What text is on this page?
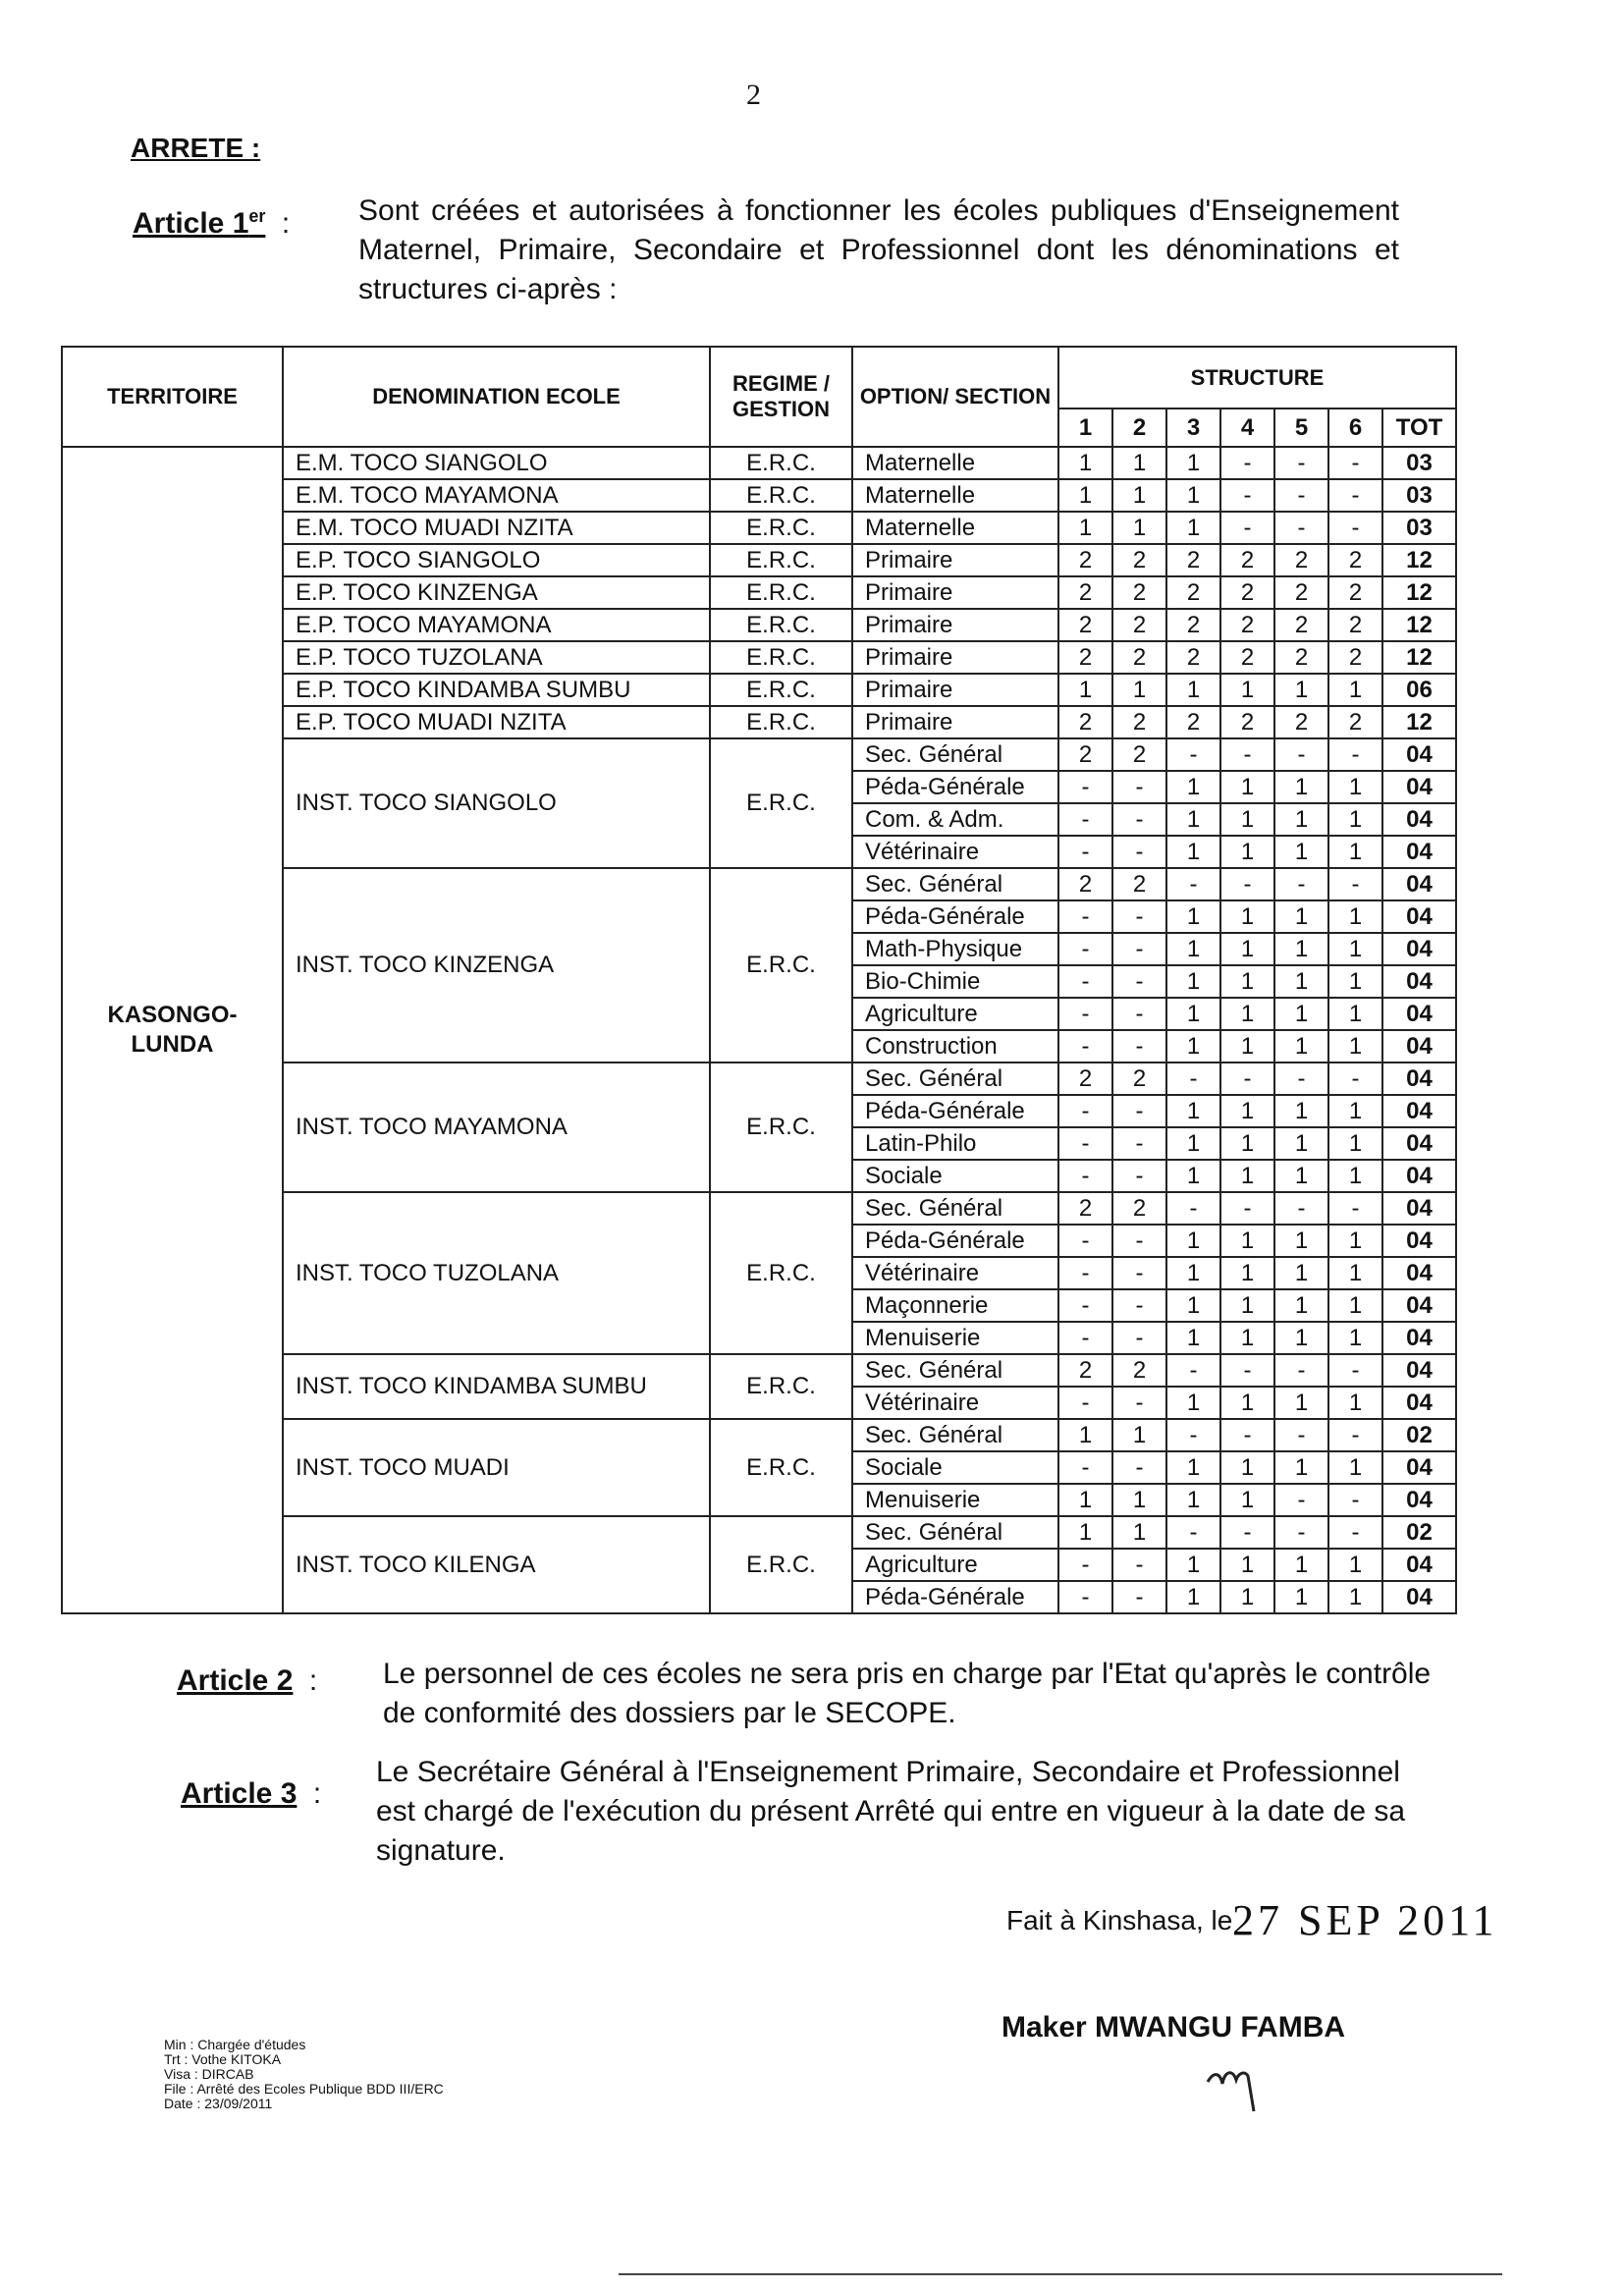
2
ARRETE :
Article 1er : Sont créées et autorisées à fonctionner les écoles publiques d'Enseignement Maternel, Primaire, Secondaire et Professionnel dont les dénominations et structures ci-après :
TERRITOIRE	DENOMINATION ECOLE	REGIME / GESTION	OPTION/ SECTION	STRUCTURE						
				1	2	3	4	5	6	TOT
KASONGO-LUNDA	E.M. TOCO SIANGOLO	E.R.C.	Maternelle	1	1	1	-	-	-	03
	E.M. TOCO MAYAMONA	E.R.C.	Maternelle	1	1	1	-	-	-	03
	E.M. TOCO MUADI NZITA	E.R.C.	Maternelle	1	1	1	-	-	-	03
	E.P. TOCO SIANGOLO	E.R.C.	Primaire	2	2	2	2	2	2	12
	E.P. TOCO KINZENGA	E.R.C.	Primaire	2	2	2	2	2	2	12
	E.P. TOCO MAYAMONA	E.R.C.	Primaire	2	2	2	2	2	2	12
	E.P. TOCO TUZOLANA	E.R.C.	Primaire	2	2	2	2	2	2	12
	E.P. TOCO KINDAMBA SUMBU	E.R.C.	Primaire	1	1	1	1	1	1	06
	E.P. TOCO MUADI NZITA	E.R.C.	Primaire	2	2	2	2	2	2	12
	INST. TOCO SIANGOLO	E.R.C.	Sec. Général	2	2	-	-	-	-	04
			Péda-Générale	-	-	1	1	1	1	04
			Com. & Adm.	-	-	1	1	1	1	04
			Vétérinaire	-	-	1	1	1	1	04
	INST. TOCO KINZENGA	E.R.C.	Sec. Général	2	2	-	-	-	-	04
			Péda-Générale	-	-	1	1	1	1	04
			Math-Physique	-	-	1	1	1	1	04
			Bio-Chimie	-	-	1	1	1	1	04
			Agriculture	-	-	1	1	1	1	04
			Construction	-	-	1	1	1	1	04
	INST. TOCO MAYAMONA	E.R.C.	Sec. Général	2	2	-	-	-	-	04
			Péda-Générale	-	-	1	1	1	1	04
			Latin-Philo	-	-	1	1	1	1	04
			Sociale	-	-	1	1	1	1	04
	INST. TOCO TUZOLANA	E.R.C.	Sec. Général	2	2	-	-	-	-	04
			Péda-Générale	-	-	1	1	1	1	04
			Vétérinaire	-	-	1	1	1	1	04
			Maçonnerie	-	-	1	1	1	1	04
			Menuiserie	-	-	1	1	1	1	04
	INST. TOCO KINDAMBA SUMBU	E.R.C.	Sec. Général	2	2	-	-	-	-	04
			Vétérinaire	-	-	1	1	1	1	04
	INST. TOCO MUADI	E.R.C.	Sec. Général	1	1	-	-	-	-	02
			Sociale	-	-	1	1	1	1	04
			Menuiserie	1	1	1	1	-	-	04
	INST. TOCO KILENGA	E.R.C.	Sec. Général	1	1	-	-	-	-	02
			Agriculture	-	-	1	1	1	1	04
			Péda-Générale	-	-	1	1	1	1	04
Article 2 : Le personnel de ces écoles ne sera pris en charge par l'Etat qu'après le contrôle de conformité des dossiers par le SECOPE.
Article 3 :
Le Secrétaire Général à l'Enseignement Primaire, Secondaire et Professionnel est chargé de l'exécution du présent Arrêté qui entre en vigueur à la date de sa signature.
Fait à Kinshasa, le 27 SEP 2011
Maker MWANGU FAMBA
Min : Chargée d'études
Trt : Vothe KITOKA
Visa : DIRCAB
File : Arrêté des Ecoles Publique BDD III/ERC
Date : 23/09/2011
